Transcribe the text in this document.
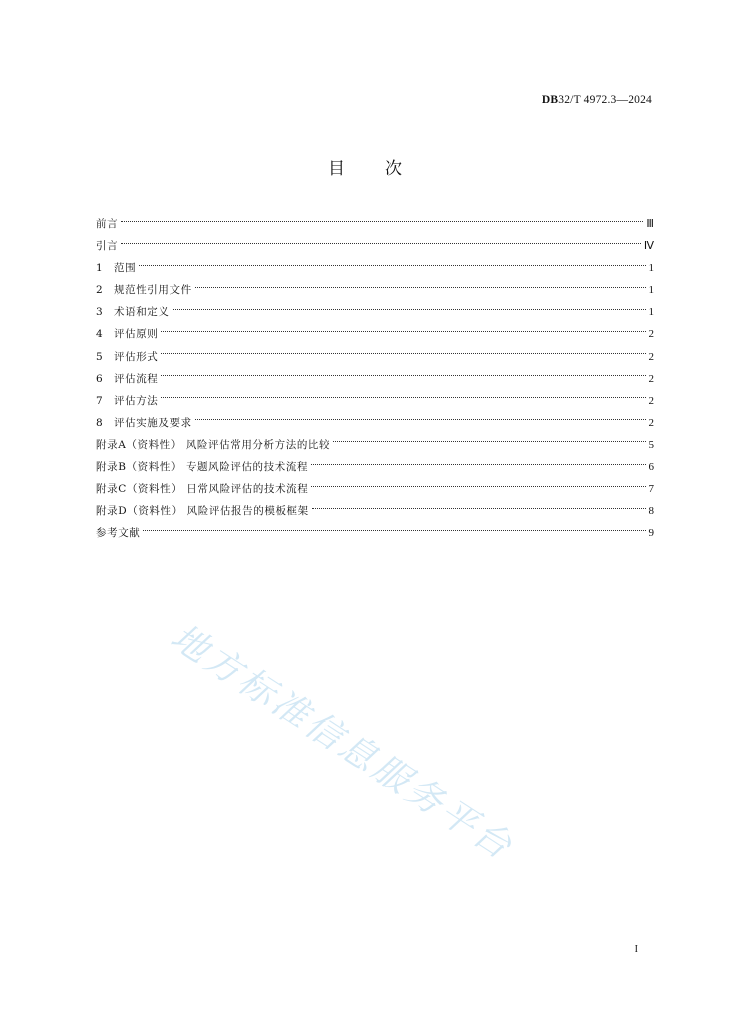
DB32/T 4972.3—2024
目次
前言	Ⅲ
引言	Ⅳ
1	范围	1
2	规范性引用文件	1
3	术语和定义	1
4	评估原则	2
5	评估形式	2
6	评估流程	2
7	评估方法	2
8	评估实施及要求	2
附录A（资料性） 风险评估常用分析方法的比较	5
附录B（资料性） 专题风险评估的技术流程	6
附录C（资料性） 日常风险评估的技术流程	7
附录D（资料性） 风险评估报告的模板框架	8
参考文献	9
地方标准信息服务平台
I
